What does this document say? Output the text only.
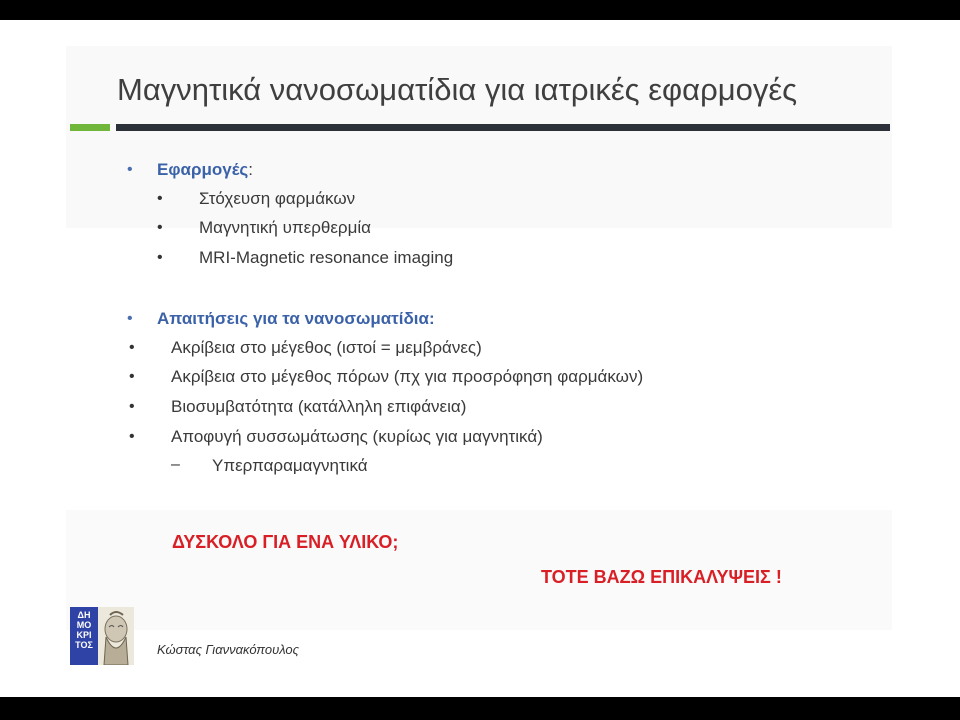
Μαγνητικά νανοσωματίδια για ιατρικές εφαρμογές
• Εφαρμογές:

• Στόχευση φαρμάκων

• Μαγνητική υπερθερμία

• MRI-Magnetic resonance imaging

• Απαιτήσεις για τα νανοσωματίδια:

• Ακρίβεια στο μέγεθος (ιστοί = μεμβράνες)

• Ακρίβεια στο μέγεθος πόρων (πχ για προσρόφηση φαρμάκων)

• Βιοσυμβατότητα (κατάλληλη επιφάνεια)

• Αποφυγή συσσωμάτωσης (κυρίως για μαγνητικά)

– Υπερπαραμαγνητικά

ΔΥΣΚΟΛΟ ΓΙΑ ΕΝΑ ΥΛΙΚΟ;

ΤΟΤΕ ΒΑΖΩ ΕΠΙΚΑΛΥΨΕΙΣ !

ΔΗ ΜΟ ΚΡΙ ΤΟΣ	Κώστας Γιαννακόπουλος
